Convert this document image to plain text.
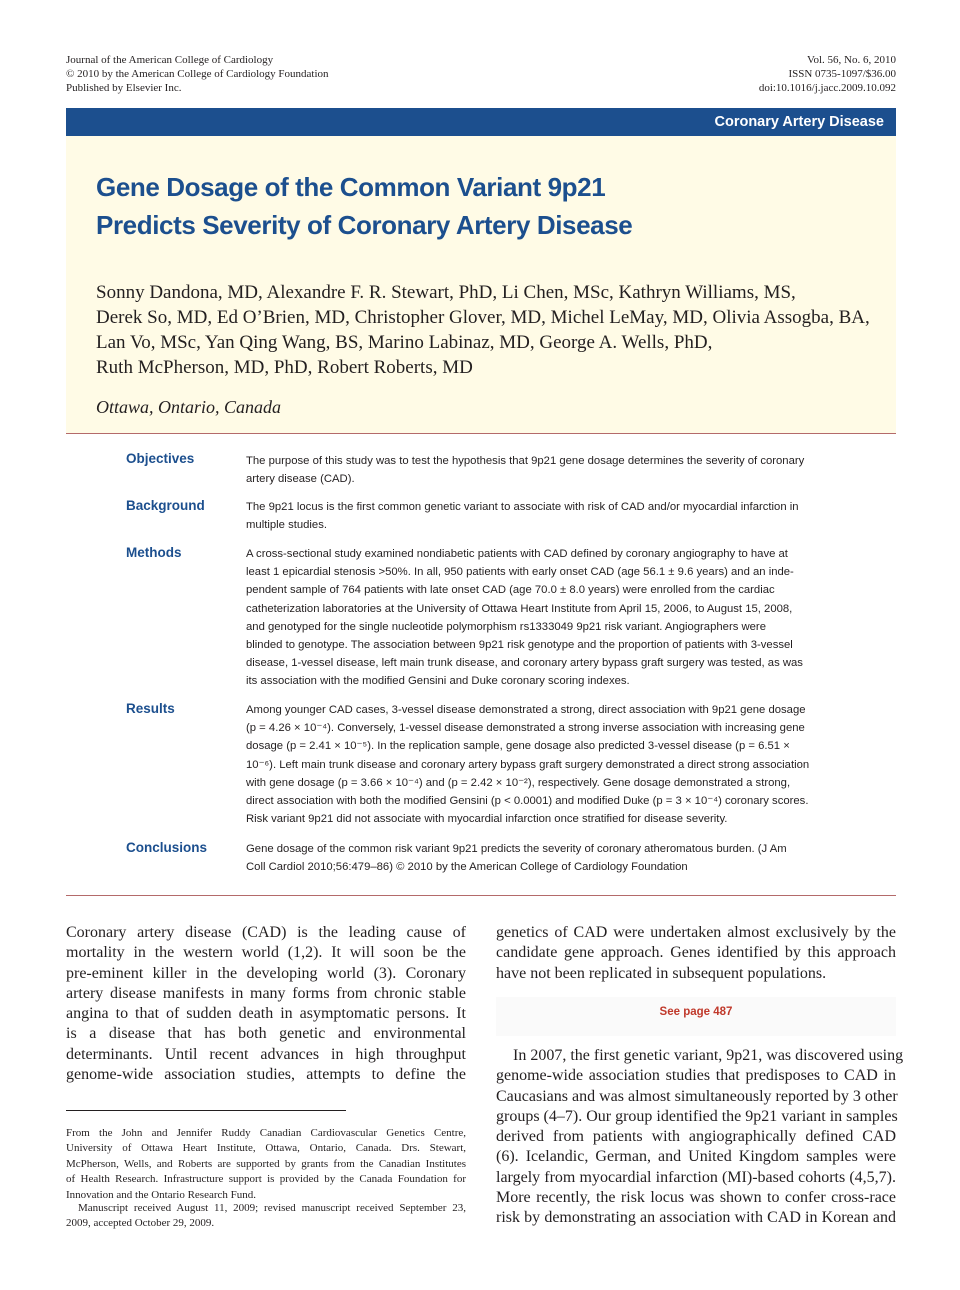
Journal of the American College of Cardiology
© 2010 by the American College of Cardiology Foundation
Published by Elsevier Inc.
Vol. 56, No. 6, 2010
ISSN 0735-1097/$36.00
doi:10.1016/j.jacc.2009.10.092
Coronary Artery Disease
Gene Dosage of the Common Variant 9p21
Predicts Severity of Coronary Artery Disease
Sonny Dandona, MD, Alexandre F. R. Stewart, PhD, Li Chen, MSc, Kathryn Williams, MS,
Derek So, MD, Ed O’Brien, MD, Christopher Glover, MD, Michel LeMay, MD, Olivia Assogba, BA,
Lan Vo, MSc, Yan Qing Wang, BS, Marino Labinaz, MD, George A. Wells, PhD,
Ruth McPherson, MD, PhD, Robert Roberts, MD
Ottawa, Ontario, Canada
Objectives	The purpose of this study was to test the hypothesis that 9p21 gene dosage determines the severity of coronary
artery disease (CAD).
Background	The 9p21 locus is the first common genetic variant to associate with risk of CAD and/or myocardial infarction in
multiple studies.
Methods	A cross-sectional study examined nondiabetic patients with CAD defined by coronary angiography to have at
least 1 epicardial stenosis >50%. In all, 950 patients with early onset CAD (age 56.1 ± 9.6 years) and an inde-
pendent sample of 764 patients with late onset CAD (age 70.0 ± 8.0 years) were enrolled from the cardiac
catheterization laboratories at the University of Ottawa Heart Institute from April 15, 2006, to August 15, 2008,
and genotyped for the single nucleotide polymorphism rs1333049 9p21 risk variant. Angiographers were
blinded to genotype. The association between 9p21 risk genotype and the proportion of patients with 3-vessel
disease, 1-vessel disease, left main trunk disease, and coronary artery bypass graft surgery was tested, as was
its association with the modified Gensini and Duke coronary scoring indexes.
Results	Among younger CAD cases, 3-vessel disease demonstrated a strong, direct association with 9p21 gene dosage
(p = 4.26 × 10⁻⁴). Conversely, 1-vessel disease demonstrated a strong inverse association with increasing gene
dosage (p = 2.41 × 10⁻⁵). In the replication sample, gene dosage also predicted 3-vessel disease (p = 6.51 ×
10⁻⁶). Left main trunk disease and coronary artery bypass graft surgery demonstrated a direct strong association
with gene dosage (p = 3.66 × 10⁻⁴) and (p = 2.42 × 10⁻²), respectively. Gene dosage demonstrated a strong,
direct association with both the modified Gensini (p < 0.0001) and modified Duke (p = 3 × 10⁻⁴) coronary scores.
Risk variant 9p21 did not associate with myocardial infarction once stratified for disease severity.
Conclusions	Gene dosage of the common risk variant 9p21 predicts the severity of coronary atheromatous burden. (J Am
Coll Cardiol 2010;56:479–86) © 2010 by the American College of Cardiology Foundation
Coronary artery disease (CAD) is the leading cause of
mortality in the western world (1,2). It will soon be the
pre-eminent killer in the developing world (3). Coronary
artery disease manifests in many forms from chronic stable
angina to that of sudden death in asymptomatic persons. It
is a disease that has both genetic and environmental
determinants. Until recent advances in high throughput
genome-wide association studies, attempts to define the
genetics of CAD were undertaken almost exclusively by the
candidate gene approach. Genes identified by this approach
have not been replicated in subsequent populations.
See page 487
In 2007, the first genetic variant, 9p21, was discovered using
genome-wide association studies that predisposes to CAD in
Caucasians and was almost simultaneously reported by 3 other
groups (4–7). Our group identified the 9p21 variant in samples
derived from patients with angiographically defined CAD
(6). Icelandic, German, and United Kingdom samples were
largely from myocardial infarction (MI)-based cohorts (4,5,7).
More recently, the risk locus was shown to confer cross-race
risk by demonstrating an association with CAD in Korean and
From the John and Jennifer Ruddy Canadian Cardiovascular Genetics Centre,
University of Ottawa Heart Institute, Ottawa, Ontario, Canada. Drs. Stewart,
McPherson, Wells, and Roberts are supported by grants from the Canadian Institutes
of Health Research. Infrastructure support is provided by the Canada Foundation for
Innovation and the Ontario Research Fund.
Manuscript received August 11, 2009; revised manuscript received September 23,
2009, accepted October 29, 2009.
